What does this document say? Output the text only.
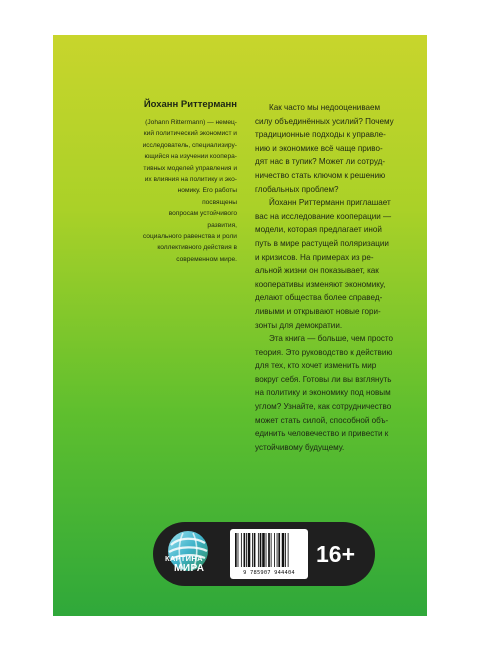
Йоханн Риттерманн

(Johann Rittermann) — немец-
кий политический экономист и
исследователь, специализиру-
ющийся на изучении коопера-
тивных моделей управления и
их влияния на политику и эко-
номику. Его работы посвящены
вопросам устойчивого развития,
социального равенства и роли
коллективного действия в
современном мире.

Как часто мы недооцениваем
силу объединённых усилий? Почему
традиционные подходы к управле-
нию и экономике всё чаще приво-
дят нас в тупик? Может ли сотруд-
ничество стать ключом к решению
глобальных проблем?

Йоханн Риттерманн приглашает
вас на исследование кооперации —
модели, которая предлагает иной
путь в мире растущей поляризации
и кризисов. На примерах из ре-
альной жизни он показывает, как
кооперативы изменяют экономику,
делают общества более справед-
ливыми и открывают новые гори-
зонты для демократии.

Эта книга — больше, чем просто
теория. Это руководство к действию
для тех, кто хочет изменить мир
вокруг себя. Готовы ли вы взглянуть
на политику и экономику под новым
углом? Узнайте, как сотрудничество
может стать силой, способной объ-
единить человечество и привести к
устойчивому будущему.

КАРТИНА
МИРА	9 785907 944404
16+
